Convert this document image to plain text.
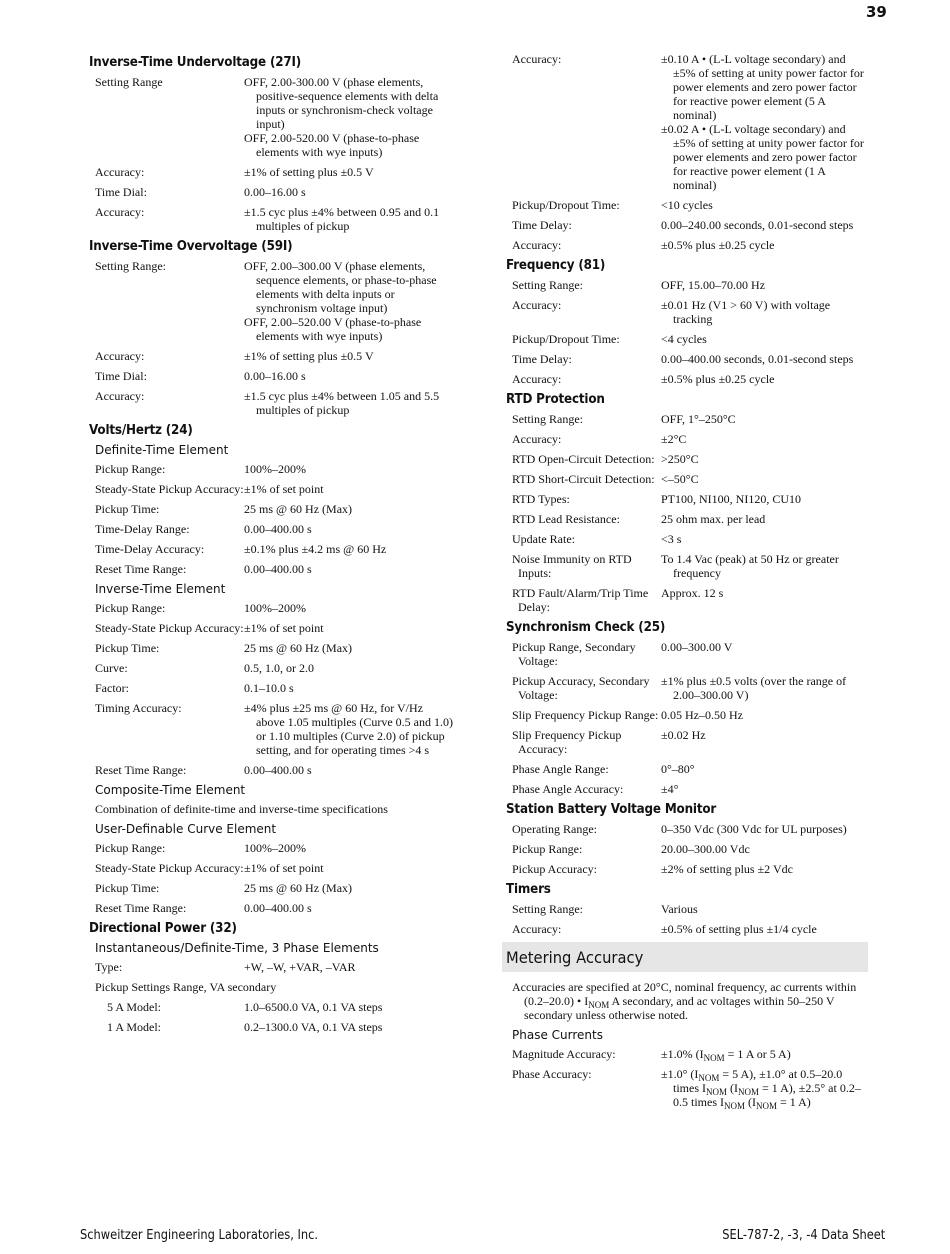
39
Inverse-Time Undervoltage (27I)
Setting Range	OFF, 2.00-300.00 V (phase elements, positive-sequence elements with delta inputs or synchronism-check voltage input)
OFF, 2.00-520.00 V (phase-to-phase elements with wye inputs)
Accuracy:	±1% of setting plus ±0.5 V
Time Dial:	0.00–16.00 s
Accuracy:	±1.5 cyc plus ±4% between 0.95 and 0.1 multiples of pickup
Inverse-Time Overvoltage (59I)
Setting Range:	OFF, 2.00–300.00 V (phase elements, sequence elements, or phase-to-phase elements with delta inputs or synchronism voltage input)
OFF, 2.00–520.00 V (phase-to-phase elements with wye inputs)
Accuracy:	±1% of setting plus ±0.5 V
Time Dial:	0.00–16.00 s
Accuracy:	±1.5 cyc plus ±4% between 1.05 and 5.5 multiples of pickup
Volts/Hertz (24)
Definite-Time Element
Pickup Range:	100%–200%
Steady-State Pickup Accuracy: ±1% of set point
Pickup Time:	25 ms @ 60 Hz (Max)
Time-Delay Range:	0.00–400.00 s
Time-Delay Accuracy:	±0.1% plus ±4.2 ms @ 60 Hz
Reset Time Range:	0.00–400.00 s
Inverse-Time Element
Pickup Range:	100%–200%
Steady-State Pickup Accuracy: ±1% of set point
Pickup Time:	25 ms @ 60 Hz (Max)
Curve:	0.5, 1.0, or 2.0
Factor:	0.1–10.0 s
Timing Accuracy:	±4% plus ±25 ms @ 60 Hz, for V/Hz above 1.05 multiples (Curve 0.5 and 1.0) or 1.10 multiples (Curve 2.0) of pickup setting, and for operating times >4 s
Reset Time Range:	0.00–400.00 s
Composite-Time Element
Combination of definite-time and inverse-time specifications
User-Definable Curve Element
Pickup Range:	100%–200%
Steady-State Pickup Accuracy: ±1% of set point
Pickup Time:	25 ms @ 60 Hz (Max)
Reset Time Range:	0.00–400.00 s
Directional Power (32)
Instantaneous/Definite-Time, 3 Phase Elements
Type:	+W, –W, +VAR, –VAR
Pickup Settings Range, VA secondary
5 A Model:	1.0–6500.0 VA, 0.1 VA steps
1 A Model:	0.2–1300.0 VA, 0.1 VA steps
Accuracy:	±0.10 A • (L-L voltage secondary) and ±5% of setting at unity power factor for power elements and zero power factor for reactive power element (5 A nominal)
±0.02 A • (L-L voltage secondary) and ±5% of setting at unity power factor for power elements and zero power factor for reactive power element (1 A nominal)
Pickup/Dropout Time:	<10 cycles
Time Delay:	0.00–240.00 seconds, 0.01-second steps
Accuracy:	±0.5% plus ±0.25 cycle
Frequency (81)
Setting Range:	OFF, 15.00–70.00 Hz
Accuracy:	±0.01 Hz (V1 > 60 V) with voltage tracking
Pickup/Dropout Time:	<4 cycles
Time Delay:	0.00–400.00 seconds, 0.01-second steps
Accuracy:	±0.5% plus ±0.25 cycle
RTD Protection
Setting Range:	OFF, 1°–250°C
Accuracy:	±2°C
RTD Open-Circuit Detection: >250°C
RTD Short-Circuit Detection: <–50°C
RTD Types:	PT100, NI100, NI120, CU10
RTD Lead Resistance:	25 ohm max. per lead
Update Rate:	<3 s
Noise Immunity on RTD Inputs:
To 1.4 Vac (peak) at 50 Hz or greater frequency
RTD Fault/Alarm/Trip Time Delay:
Approx. 12 s
Synchronism Check (25)
Pickup Range, Secondary Voltage:
0.00–300.00 V
Pickup Accuracy, Secondary Voltage:
±1% plus ±0.5 volts (over the range of 2.00–300.00 V)
Slip Frequency Pickup Range: 0.05 Hz–0.50 Hz
Slip Frequency Pickup Accuracy:
±0.02 Hz
Phase Angle Range:	0°–80°
Phase Angle Accuracy:	±4°
Station Battery Voltage Monitor
Operating Range:	0–350 Vdc (300 Vdc for UL purposes)
Pickup Range:	20.00–300.00 Vdc
Pickup Accuracy:	±2% of setting plus ±2 Vdc
Timers
Setting Range:	Various
Accuracy:	±0.5% of setting plus ±1/4 cycle
Metering Accuracy
Accuracies are specified at 20°C, nominal frequency, ac currents within (0.2–20.0) • $I_{NOM}$ A secondary, and ac voltages within 50–250 V secondary unless otherwise noted.
Phase Currents
Magnitude Accuracy:	±1.0% ($I_{NOM} = 1$ A or 5 A)
Phase Accuracy:	±1.0° ($I_{NOM} = 5$ A), ±1.0° at 0.5–20.0 times $I_{NOM}$ ($I_{NOM} = 1$ A), ±2.5° at 0.2–0.5 times $I_{NOM}$ ($I_{NOM} = 1$ A)
Schweitzer Engineering Laboratories, Inc.	SEL-787-2, -3, -4 Data Sheet
